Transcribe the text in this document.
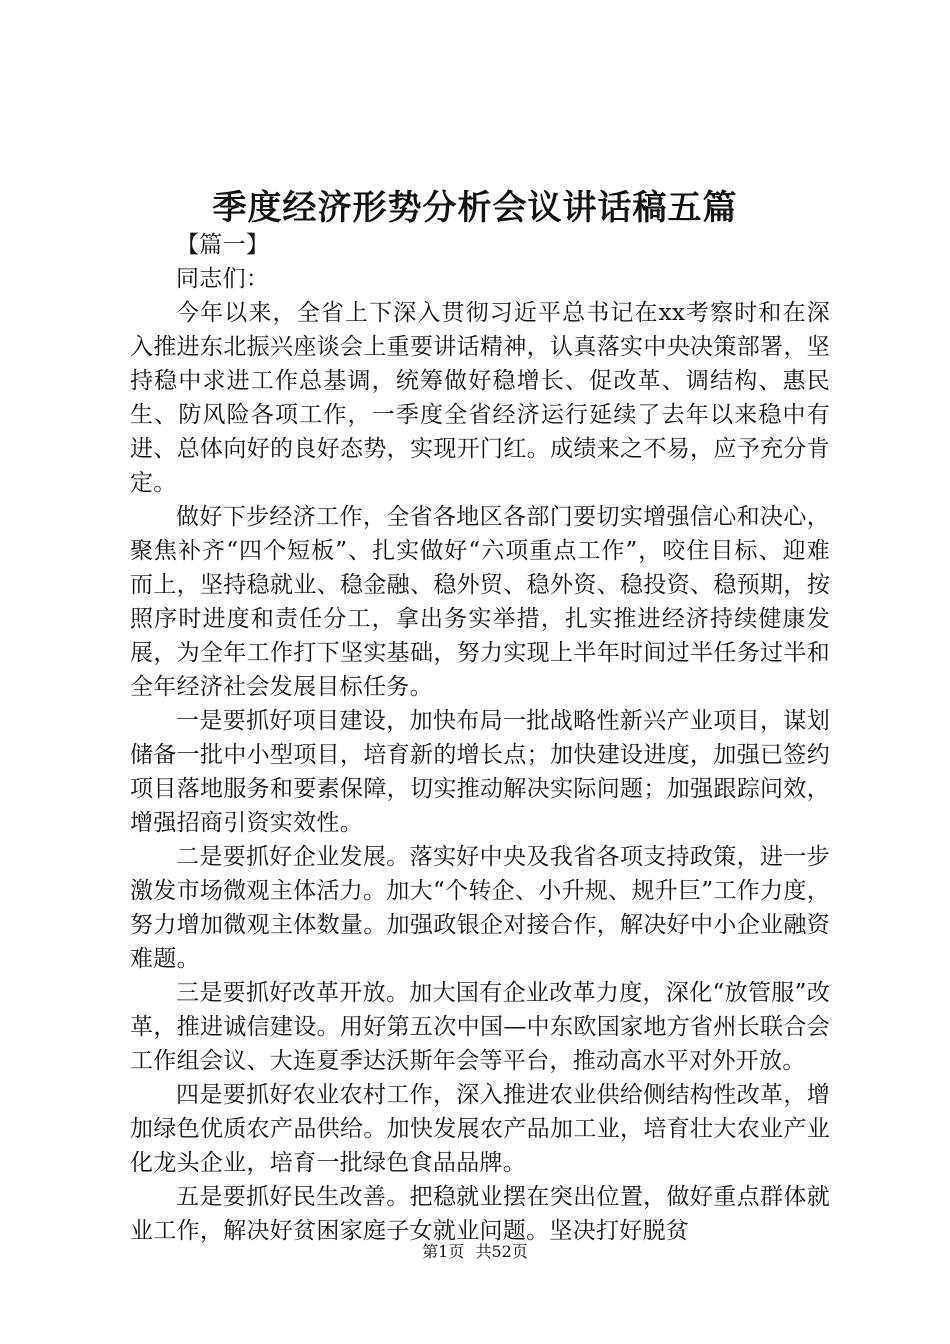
季度经济形势分析会议讲话稿五篇

【篇一】

同志们：

今年以来，全省上下深入贯彻习近平总书记在xx考察时和在深入推进东北振兴座谈会上重要讲话精神，认真落实中央决策部署，坚持稳中求进工作总基调，统筹做好稳增长、促改革、调结构、惠民生、防风险各项工作，一季度全省经济运行延续了去年以来稳中有进、总体向好的良好态势，实现开门红。成绩来之不易，应予充分肯定。

做好下步经济工作，全省各地区各部门要切实增强信心和决心，聚焦补齐“四个短板”、扎实做好“六项重点工作”，咬住目标、迎难而上，坚持稳就业、稳金融、稳外贸、稳外资、稳投资、稳预期，按照序时进度和责任分工，拿出务实举措，扎实推进经济持续健康发展，为全年工作打下坚实基础，努力实现上半年时间过半任务过半和全年经济社会发展目标任务。

一是要抓好项目建设，加快布局一批战略性新兴产业项目，谋划储备一批中小型项目，培育新的增长点；加快建设进度，加强已签约项目落地服务和要素保障，切实推动解决实际问题；加强跟踪问效，增强招商引资实效性。

二是要抓好企业发展。落实好中央及我省各项支持政策，进一步激发市场微观主体活力。加大“个转企、小升规、规升巨”工作力度，努力增加微观主体数量。加强政银企对接合作，解决好中小企业融资难题。

三是要抓好改革开放。加大国有企业改革力度，深化“放管服”改革，推进诚信建设。用好第五次中国—中东欧国家地方省州长联合会工作组会议、大连夏季达沃斯年会等平台，推动高水平对外开放。

四是要抓好农业农村工作，深入推进农业供给侧结构性改革，增加绿色优质农产品供给。加快发展农产品加工业，培育壮大农业产业化龙头企业，培育一批绿色食品品牌。

五是要抓好民生改善。把稳就业摆在突出位置，做好重点群体就业工作，解决好贫困家庭子女就业问题。坚决打好脱贫

第1页 共52页
